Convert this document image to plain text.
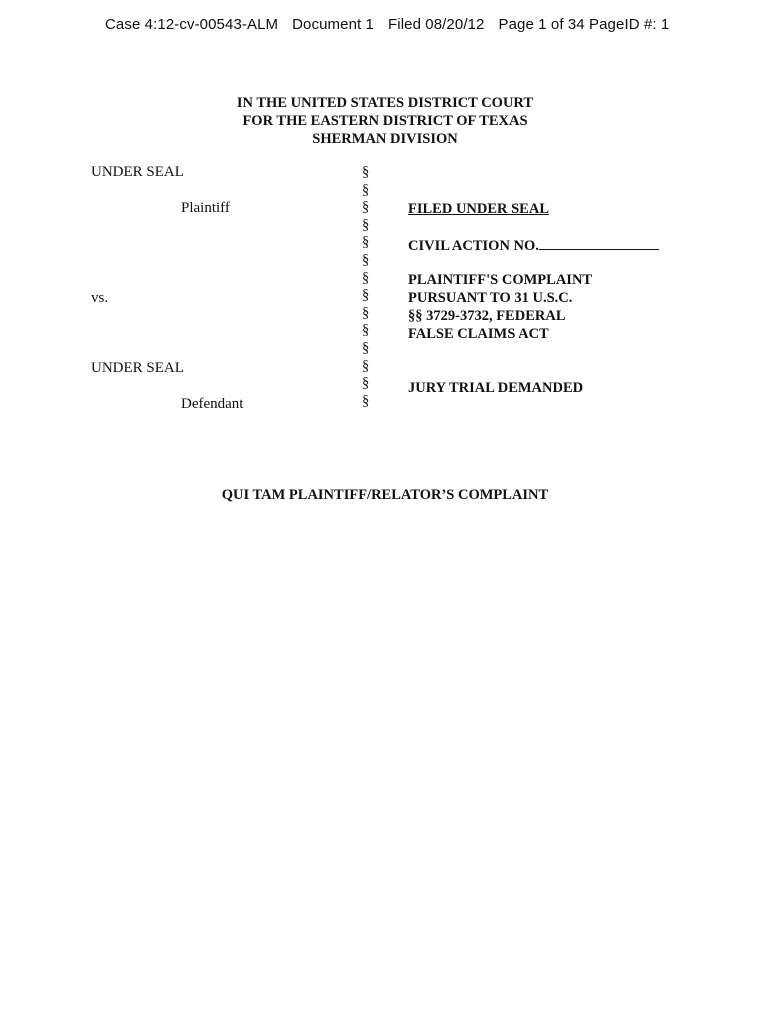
Case 4:12-cv-00543-ALM Document 1 Filed 08/20/12 Page 1 of 34 PageID #: 1
IN THE UNITED STATES DISTRICT COURT
FOR THE EASTERN DISTRICT OF TEXAS
SHERMAN DIVISION
UNDER SEAL
Plaintiff
vs.
UNDER SEAL
Defendant
§
§
§
§
§
§
§
§
§
§
§
§
§
§
FILED UNDER SEAL
CIVIL ACTION NO.
PLAINTIFF'S COMPLAINT
PURSUANT TO 31 U.S.C.
§§ 3729-3732, FEDERAL
FALSE CLAIMS ACT
JURY TRIAL DEMANDED
QUI TAM PLAINTIFF/RELATOR’S COMPLAINT
